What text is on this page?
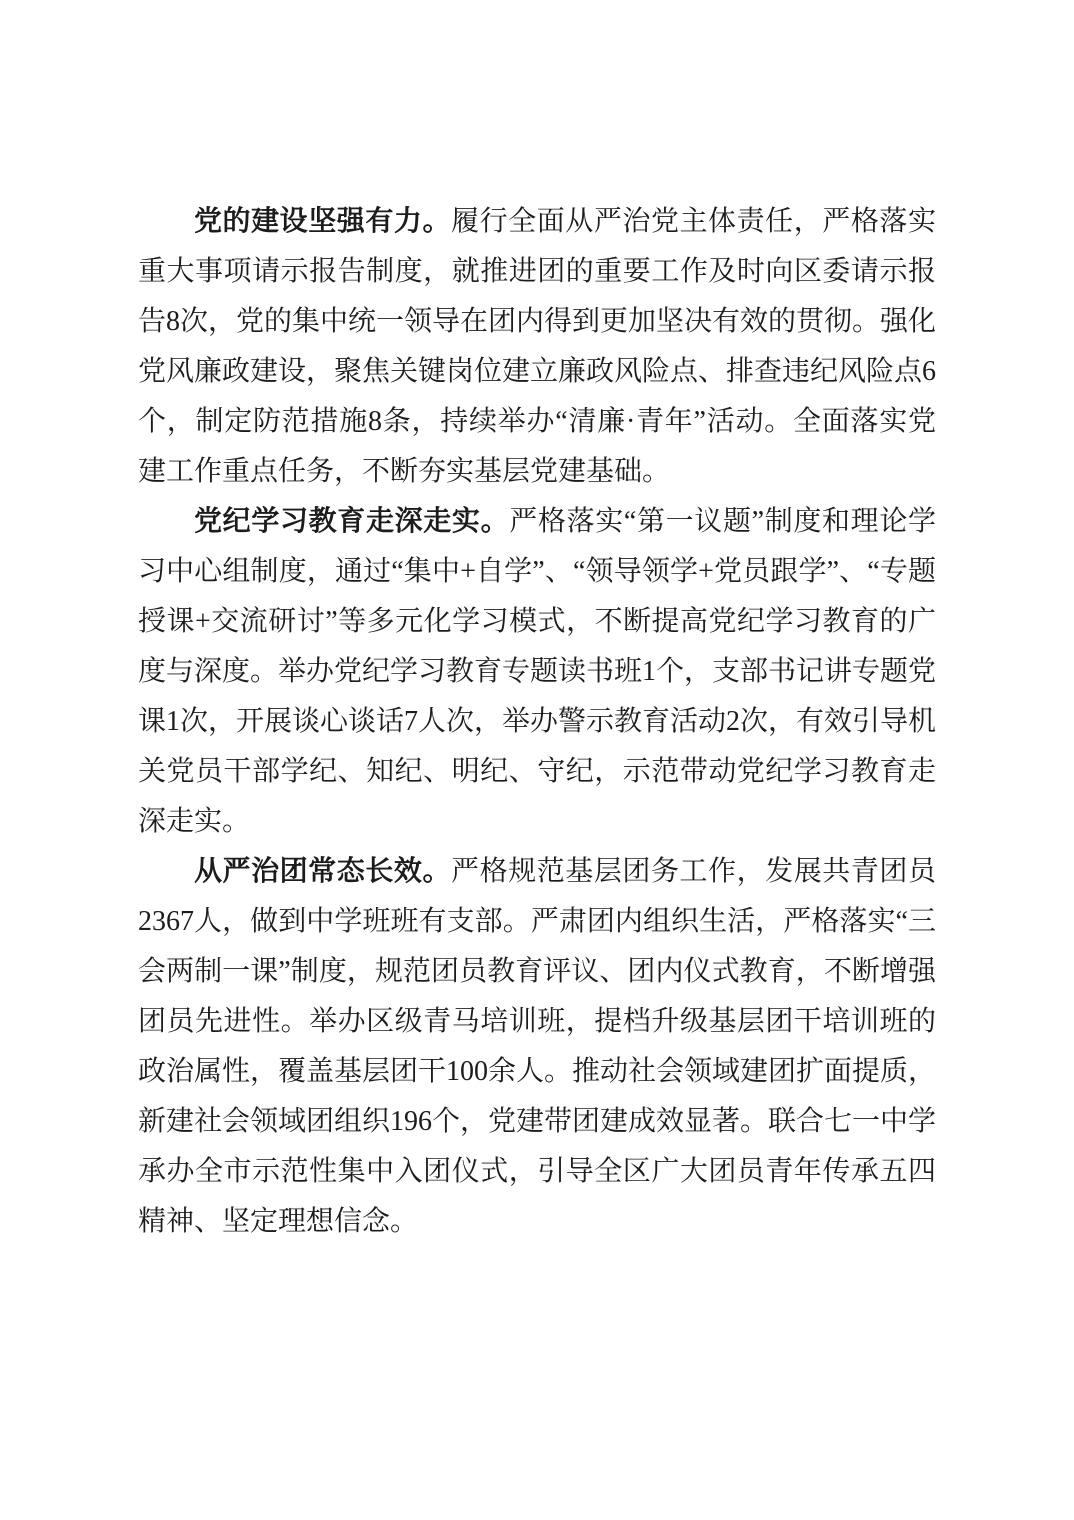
党的建设坚强有力。履行全面从严治党主体责任，严格落实重大事项请示报告制度，就推进团的重要工作及时向区委请示报告8次，党的集中统一领导在团内得到更加坚决有效的贯彻。强化党风廉政建设，聚焦关键岗位建立廉政风险点、排查违纪风险点6个，制定防范措施8条，持续举办“清廉·青年”活动。全面落实党建工作重点任务，不断夯实基层党建基础。

党纪学习教育走深走实。严格落实“第一议题”制度和理论学习中心组制度，通过“集中+自学”、“领导领学+党员跟学”、“专题授课+交流研讨”等多元化学习模式，不断提高党纪学习教育的广度与深度。举办党纪学习教育专题读书班1个，支部书记讲专题党课1次，开展谈心谈话7人次，举办警示教育活动2次，有效引导机关党员干部学纪、知纪、明纪、守纪，示范带动党纪学习教育走深走实。

从严治团常态长效。严格规范基层团务工作，发展共青团员2367人，做到中学班班有支部。严肃团内组织生活，严格落实“三会两制一课”制度，规范团员教育评议、团内仪式教育，不断增强团员先进性。举办区级青马培训班，提档升级基层团干培训班的政治属性，覆盖基层团干100余人。推动社会领域建团扩面提质，新建社会领域团组织196个，党建带团建成效显著。联合七一中学承办全市示范性集中入团仪式，引导全区广大团员青年传承五四精神、坚定理想信念。
